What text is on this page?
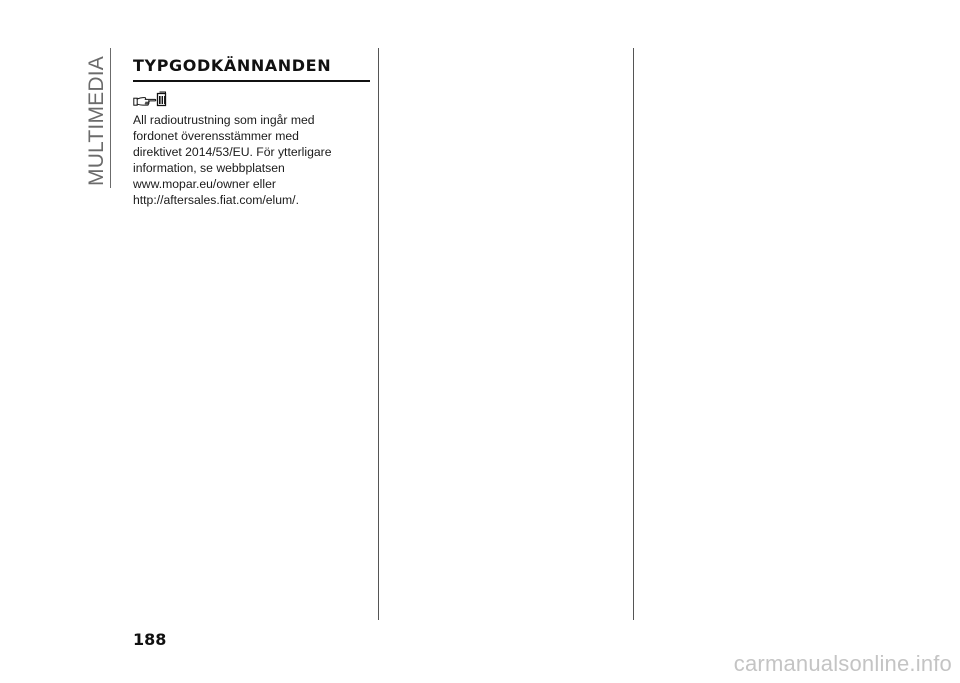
MULTIMEDIA TYPGODKÄNNANDEN
All radioutrustning som ingår med
fordonet överensstämmer med
direktivet 2014/53/EU. För ytterligare
information, se webbplatsen
www.mopar.eu/owner eller
http://aftersales.fiat.com/elum/.
188
carmanualsonline.info
